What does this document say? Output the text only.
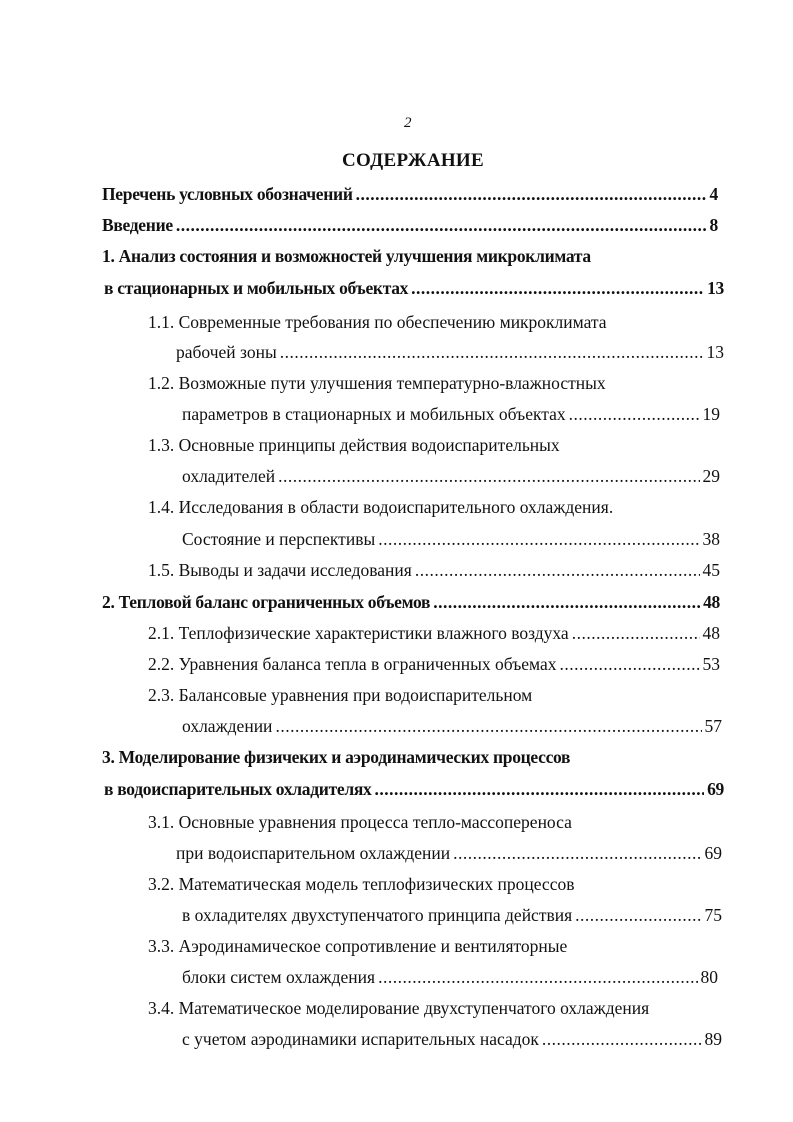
2
СОДЕРЖАНИЕ
Перечень условных обозначений .....	4
Введение .....	8
1. Анализ состояния и возможностей улучшения микроклимата
в стационарных и мобильных объектах .....	13
1.1. Современные требования по обеспечению микроклимата
рабочей зоны .....	13
1.2. Возможные пути улучшения температурно-влажностных
параметров в стационарных и мобильных объектах .....	19
1.3. Основные принципы действия водоиспарительных
охладителей .....	29
1.4. Исследования в области водоиспарительного охлаждения.
Состояние и перспективы .....	38
1.5. Выводы и задачи исследования .....	45
2. Тепловой баланс ограниченных объемов .....	48
2.1. Теплофизические характеристики влажного воздуха .....	48
2.2. Уравнения баланса тепла в ограниченных объемах .....	53
2.3. Балансовые уравнения при водоиспарительном
охлаждении .....	57
3. Моделирование физичеких и аэродинамических процессов
в водоиспарительных охладителях .....	69
3.1. Основные уравнения процесса тепло-массопереноса
при водоиспарительном охлаждении .....	69
3.2. Математическая модель теплофизических процессов
в охладителях двухступенчатого принципа действия .....	75
3.3. Аэродинамическое сопротивление и вентиляторные
блоки систем охлаждения .....	80
3.4. Математическое моделирование двухступенчатого охлаждения
с учетом аэродинамики испарительных насадок .....	89
